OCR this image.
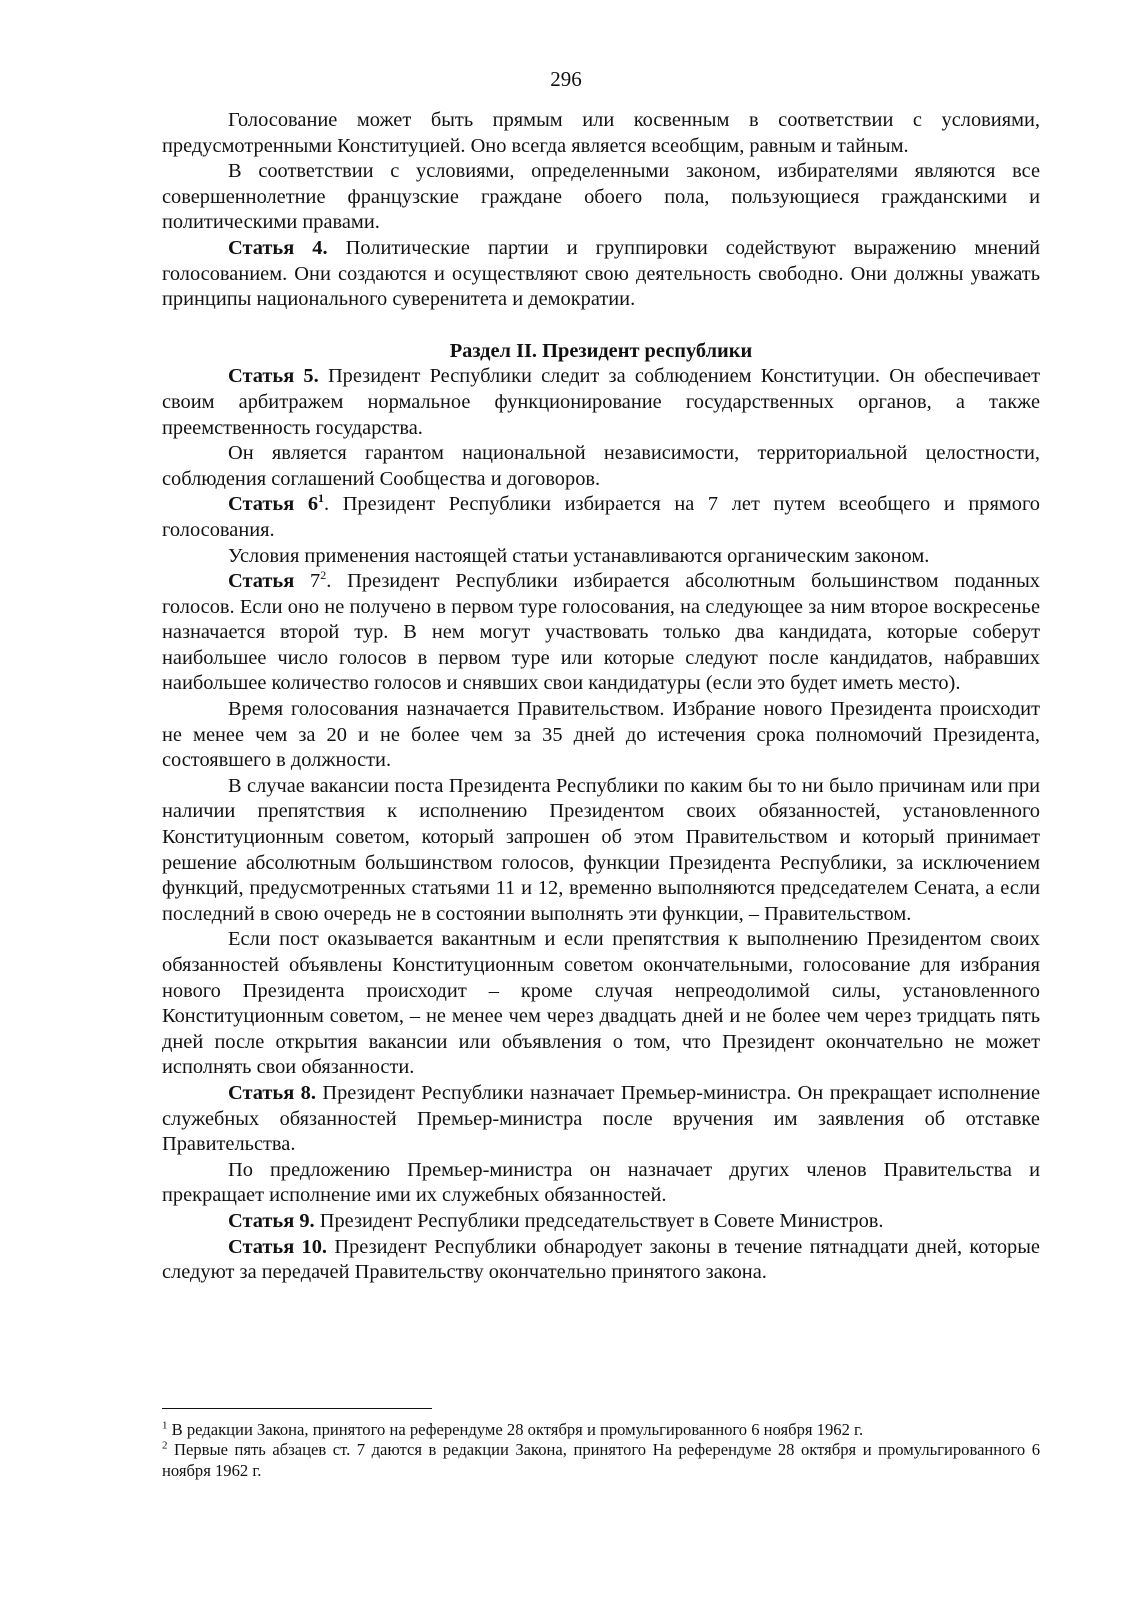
296

Голосование может быть прямым или косвенным в соответствии с условиями, предусмотренными Конституцией. Оно всегда является всеобщим, равным и тайным.

В соответствии с условиями, определенными законом, избирателями являются все совершеннолетние французские граждане обоего пола, пользующиеся гражданскими и политическими правами.

Статья 4. Политические партии и группировки содействуют выражению мнений голосованием. Они создаются и осуществляют свою деятельность свободно. Они должны уважать принципы национального суверенитета и демократии.

Раздел II. Президент республики

Статья 5. Президент Республики следит за соблюдением Конституции. Он обеспечивает своим арбитражем нормальное функционирование государственных органов, а также преемственность государства.

Он является гарантом национальной независимости, территориальной целостности, соблюдения соглашений Сообщества и договоров.

Статья $6^1$. Президент Республики избирается на 7 лет путем всеобщего и прямого голосования.

Условия применения настоящей статьи устанавливаются органическим законом.

Статья $7^2$. Президент Республики избирается абсолютным большинством поданных голосов. Если оно не получено в первом туре голосования, на следующее за ним второе воскресенье назначается второй тур. В нем могут участвовать только два кандидата, которые соберут наибольшее число голосов в первом туре или которые следуют после кандидатов, набравших наибольшее количество голосов и снявших свои кандидатуры (если это будет иметь место).

Время голосования назначается Правительством. Избрание нового Президента происходит не менее чем за 20 и не более чем за 35 дней до истечения срока полномочий Президента, состоявшего в должности.

В случае вакансии поста Президента Республики по каким бы то ни было причинам или при наличии препятствия к исполнению Президентом своих обязанностей, установленного Конституционным советом, который запрошен об этом Правительством и который принимает решение абсолютным большинством голосов, функции Президента Республики, за исключением функций, предусмотренных статьями 11 и 12, временно выполняются председателем Сената, а если последний в свою очередь не в состоянии выполнять эти функции, – Правительством.

Если пост оказывается вакантным и если препятствия к выполнению Президентом своих обязанностей объявлены Конституционным советом окончательными, голосование для избрания нового Президента происходит – кроме случая непреодолимой силы, установленного Конституционным советом, – не менее чем через двадцать дней и не более чем через тридцать пять дней после открытия вакансии или объявления о том, что Президент окончательно не может исполнять свои обязанности.

Статья 8. Президент Республики назначает Премьер-министра. Он прекращает исполнение служебных обязанностей Премьер-министра после вручения им заявления об отставке Правительства.

По предложению Премьер-министра он назначает других членов Правительства и прекращает исполнение ими их служебных обязанностей.

Статья 9. Президент Республики председательствует в Совете Министров.

Статья 10. Президент Республики обнародует законы в течение пятнадцати дней, которые следуют за передачей Правительству окончательно принятого закона.

$^1$ В редакции Закона, принятого на референдуме 28 октября и промульгированного 6 ноября 1962 г.

$^2$ Первые пять абзацев ст. 7 даются в редакции Закона, принятого На референдуме 28 октября и промульгированного 6 ноября 1962 г.
